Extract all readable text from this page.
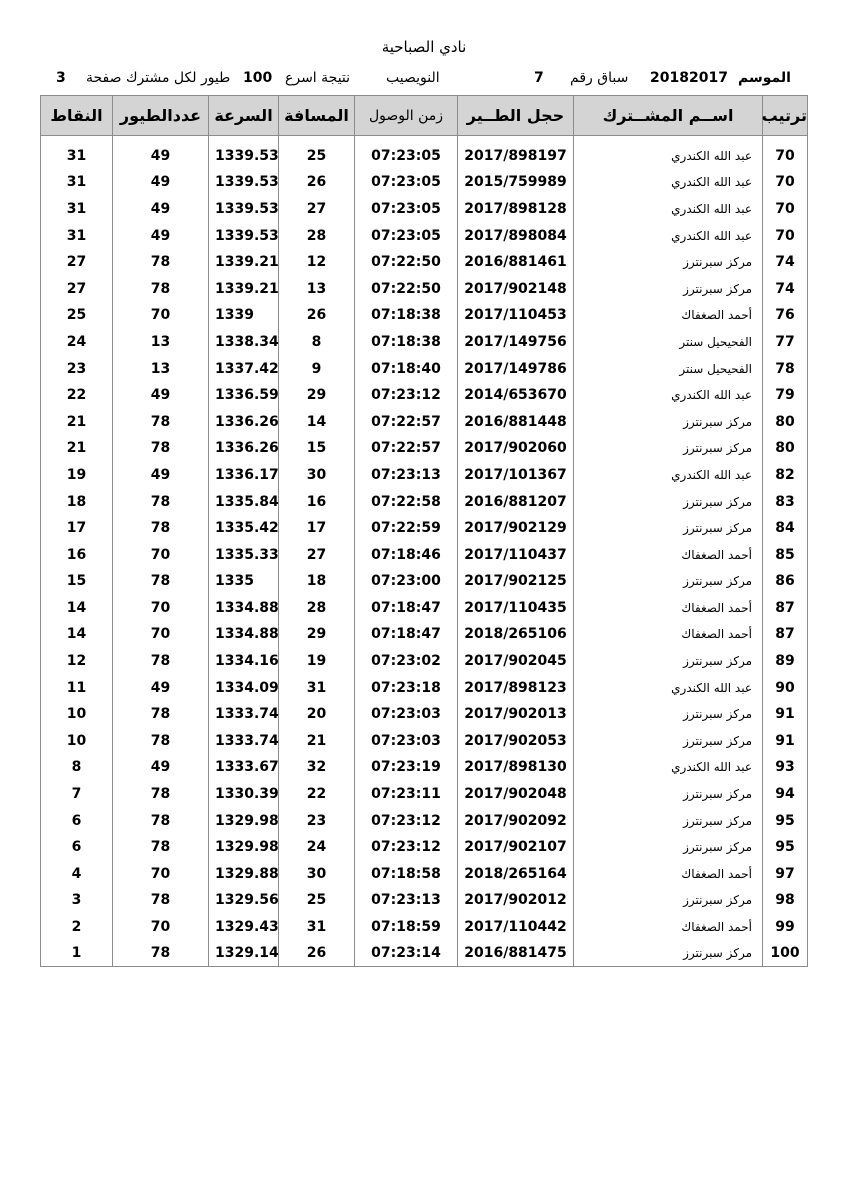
نادي الصباحية
الموسم
20182017
سباق رقم
7
النويصيب
نتيجة اسرع
100
طيور لكل مشترك صفحة
3
ترتيب	اســم المشــترك	حجل الطــير	زمن الوصول	المسافة	السرعة	عددالطيور	النقاط

70	عبد الله الكندري	2017/898197	07:23:05	25	1339.53	49	31
70	عبد الله الكندري	2015/759989	07:23:05	26	1339.53	49	31
70	عبد الله الكندري	2017/898128	07:23:05	27	1339.53	49	31
70	عبد الله الكندري	2017/898084	07:23:05	28	1339.53	49	31
74	مركز سبرنترز	2016/881461	07:22:50	12	1339.21	78	27
74	مركز سبرنترز	2017/902148	07:22:50	13	1339.21	78	27
76	أحمد الصغفاك	2017/110453	07:18:38	26	1339	70	25
77	الفحيحيل سنتر	2017/149756	07:18:38	8	1338.34	13	24
78	الفحيحيل سنتر	2017/149786	07:18:40	9	1337.42	13	23
79	عبد الله الكندري	2014/653670	07:23:12	29	1336.59	49	22
80	مركز سبرنترز	2016/881448	07:22:57	14	1336.26	78	21
80	مركز سبرنترز	2017/902060	07:22:57	15	1336.26	78	21
82	عبد الله الكندري	2017/101367	07:23:13	30	1336.17	49	19
83	مركز سبرنترز	2016/881207	07:22:58	16	1335.84	78	18
84	مركز سبرنترز	2017/902129	07:22:59	17	1335.42	78	17
85	أحمد الصغفاك	2017/110437	07:18:46	27	1335.33	70	16
86	مركز سبرنترز	2017/902125	07:23:00	18	1335	78	15
87	أحمد الصغفاك	2017/110435	07:18:47	28	1334.88	70	14
87	أحمد الصغفاك	2018/265106	07:18:47	29	1334.88	70	14
89	مركز سبرنترز	2017/902045	07:23:02	19	1334.16	78	12
90	عبد الله الكندري	2017/898123	07:23:18	31	1334.09	49	11
91	مركز سبرنترز	2017/902013	07:23:03	20	1333.74	78	10
91	مركز سبرنترز	2017/902053	07:23:03	21	1333.74	78	10
93	عبد الله الكندري	2017/898130	07:23:19	32	1333.67	49	8
94	مركز سبرنترز	2017/902048	07:23:11	22	1330.39	78	7
95	مركز سبرنترز	2017/902092	07:23:12	23	1329.98	78	6
95	مركز سبرنترز	2017/902107	07:23:12	24	1329.98	78	6
97	أحمد الصغفاك	2018/265164	07:18:58	30	1329.88	70	4
98	مركز سبرنترز	2017/902012	07:23:13	25	1329.56	78	3
99	أحمد الصغفاك	2017/110442	07:18:59	31	1329.43	70	2
100	مركز سبرنترز	2016/881475	07:23:14	26	1329.14	78	1
